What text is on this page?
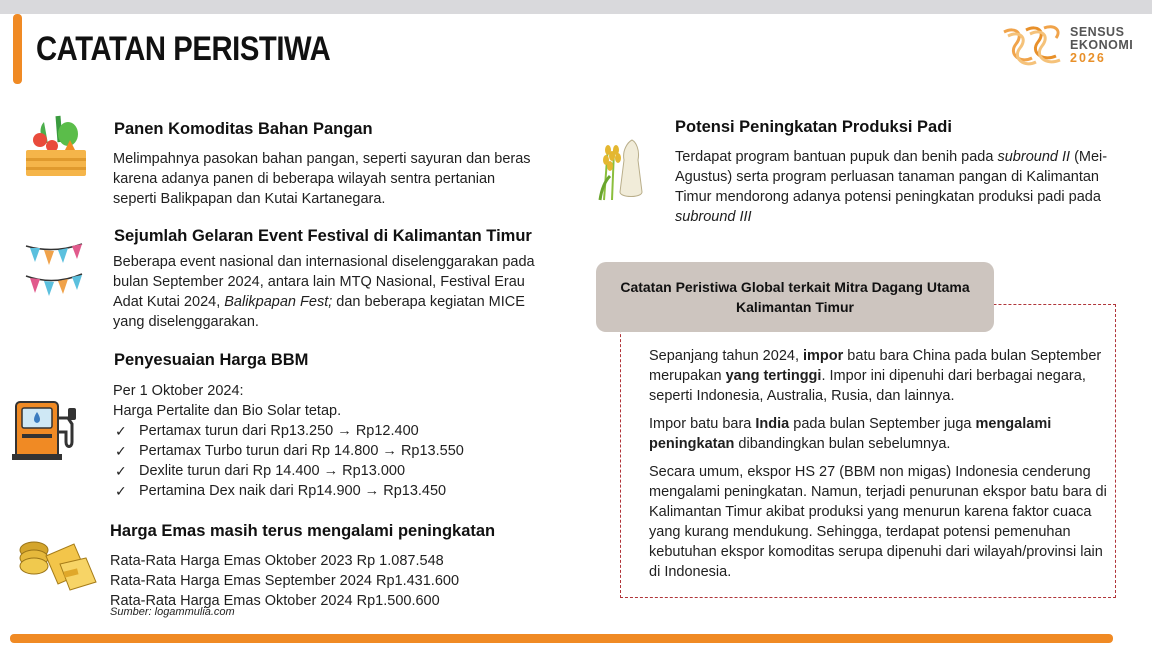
CATATAN PERISTIWA	SENSUS
EKONOMI
2026
Panen Komoditas Bahan Pangan
Melimpahnya pasokan bahan pangan, seperti sayuran dan beras karena adanya panen di beberapa wilayah sentra pertanian seperti Balikpapan dan Kutai Kartanegara.
Sejumlah Gelaran Event Festival di Kalimantan Timur
Beberapa event nasional dan internasional diselenggarakan pada bulan September 2024, antara lain MTQ Nasional, Festival Erau Adat Kutai 2024, Balikpapan Fest; dan beberapa kegiatan MICE yang diselenggarakan.
Penyesuaian Harga BBM

Per 1 Oktober 2024:

Harga Pertalite dan Bio Solar tetap.

✓ Pertamax turun dari Rp13.250 → Rp12.400
✓ Pertamax Turbo turun dari Rp 14.800 → Rp13.550
✓ Dexlite turun dari Rp 14.400 → Rp13.000
✓ Pertamina Dex naik dari Rp14.900 → Rp13.450
Harga Emas masih terus mengalami peningkatan

Rata-Rata Harga Emas Oktober 2023 Rp 1.087.548

Rata-Rata Harga Emas September 2024 Rp1.431.600

Rata-Rata Harga Emas Oktober 2024 Rp1.500.600

Sumber: logammulia.com
Potensi Peningkatan Produksi Padi
Terdapat program bantuan pupuk dan benih pada subround II (Mei-Agustus) serta program perluasan tanaman pangan di Kalimantan Timur mendorong adanya potensi peningkatan produksi padi pada subround III
Catatan Peristiwa Global terkait Mitra Dagang Utama Kalimantan Timur

Sepanjang tahun 2024, impor batu bara China pada bulan September merupakan yang tertinggi. Impor ini dipenuhi dari berbagai negara, seperti Indonesia, Australia, Rusia, dan lainnya.

Impor batu bara India pada bulan September juga mengalami peningkatan dibandingkan bulan sebelumnya.

Secara umum, ekspor HS 27 (BBM non migas) Indonesia cenderung mengalami peningkatan. Namun, terjadi penurunan ekspor batu bara di Kalimantan Timur akibat produksi yang menurun karena faktor cuaca yang kurang mendukung. Sehingga, terdapat potensi pemenuhan kebutuhan ekspor komoditas serupa dipenuhi dari wilayah/provinsi lain di Indonesia.
